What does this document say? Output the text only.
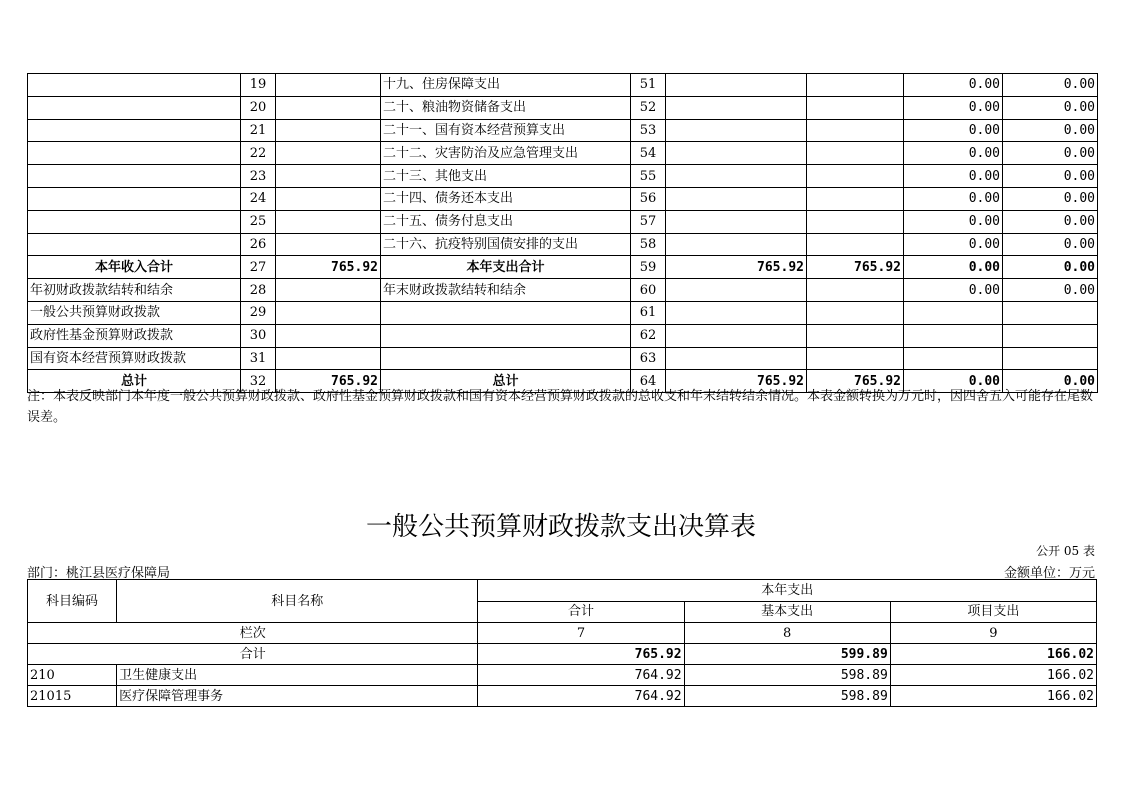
	19		十九、住房保障支出	51			0.00	0.00
	20		二十、粮油物资储备支出	52			0.00	0.00
	21		二十一、国有资本经营预算支出	53			0.00	0.00
	22		二十二、灾害防治及应急管理支出	54			0.00	0.00
	23		二十三、其他支出	55			0.00	0.00
	24		二十四、债务还本支出	56			0.00	0.00
	25		二十五、债务付息支出	57			0.00	0.00
	26		二十六、抗疫特别国债安排的支出	58			0.00	0.00
本年收入合计	27	765.92	本年支出合计	59	765.92	765.92	0.00	0.00
年初财政拨款结转和结余	28		年末财政拨款结转和结余	60			0.00	0.00
一般公共预算财政拨款	29			61				
政府性基金预算财政拨款	30			62				
国有资本经营预算财政拨款	31			63				
总计	32	765.92	总计	64	765.92	765.92	0.00	0.00
注：本表反映部门本年度一般公共预算财政拨款、政府性基金预算财政拨款和国有资本经营预算财政拨款的总收支和年末结转结余情况。本表金额转换为万元时，因四舍五入可能存在尾数误差。
一般公共预算财政拨款支出决算表
公开 05 表
部门：桃江县医疗保障局	金额单位：万元
科目编码	科目名称	本年支出		
		合计	基本支出	项目支出
栏次		7	8	9
合计		765.92	599.89	166.02
210	卫生健康支出	764.92	598.89	166.02
21015	医疗保障管理事务	764.92	598.89	166.02
